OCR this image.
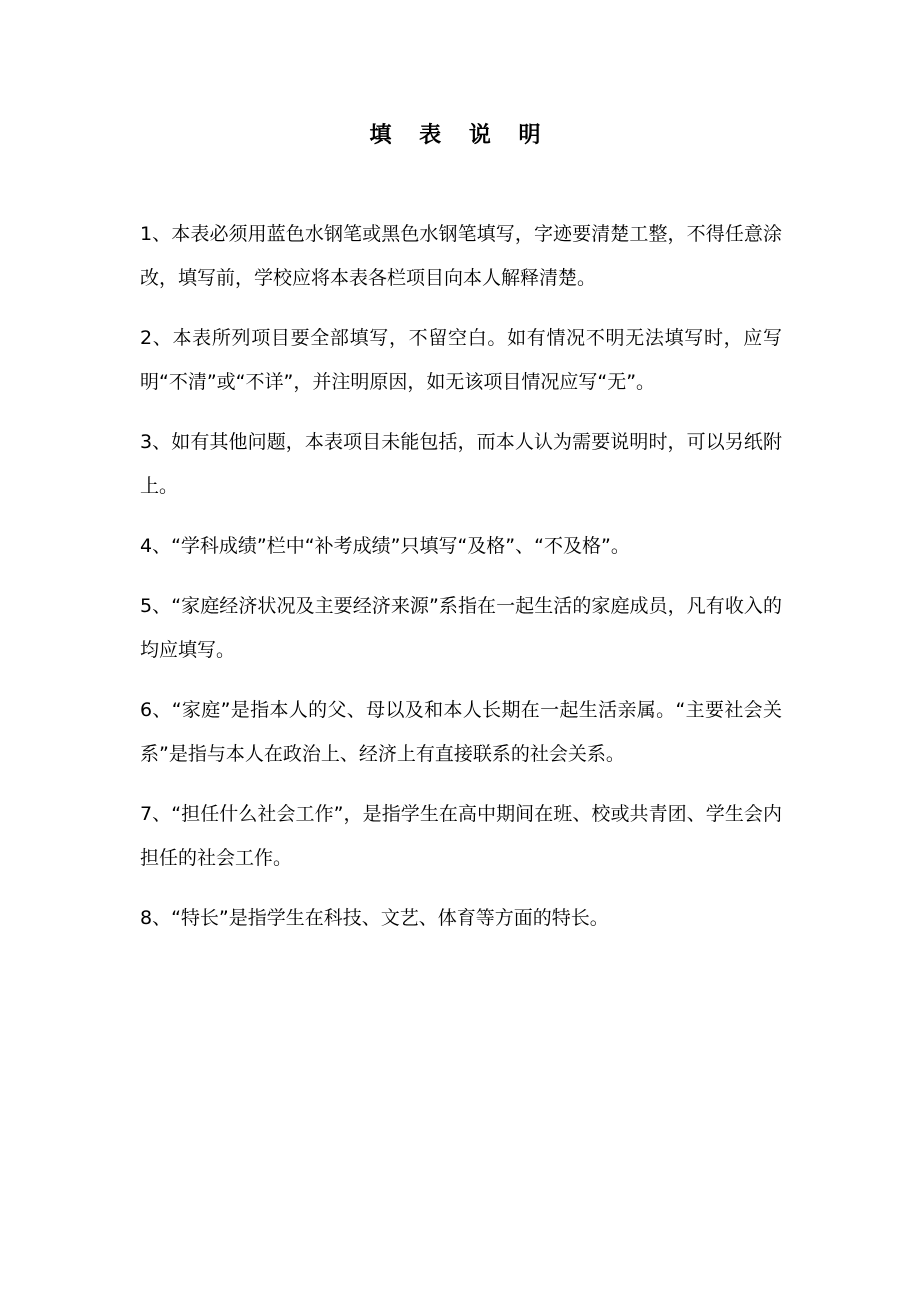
填 表 说 明
1、本表必须用蓝色水钢笔或黑色水钢笔填写，字迹要清楚工整，不得任意涂改，填写前，学校应将本表各栏项目向本人解释清楚。
2、本表所列项目要全部填写，不留空白。如有情况不明无法填写时，应写明“不清”或“不详”，并注明原因，如无该项目情况应写“无”。
3、如有其他问题，本表项目未能包括，而本人认为需要说明时，可以另纸附上。
4、“学科成绩”栏中“补考成绩”只填写“及格”、“不及格”。
5、“家庭经济状况及主要经济来源”系指在一起生活的家庭成员，凡有收入的均应填写。
6、“家庭”是指本人的父、母以及和本人长期在一起生活亲属。“主要社会关系”是指与本人在政治上、经济上有直接联系的社会关系。
7、“担任什么社会工作”，是指学生在高中期间在班、校或共青团、学生会内担任的社会工作。
8、“特长”是指学生在科技、文艺、体育等方面的特长。
